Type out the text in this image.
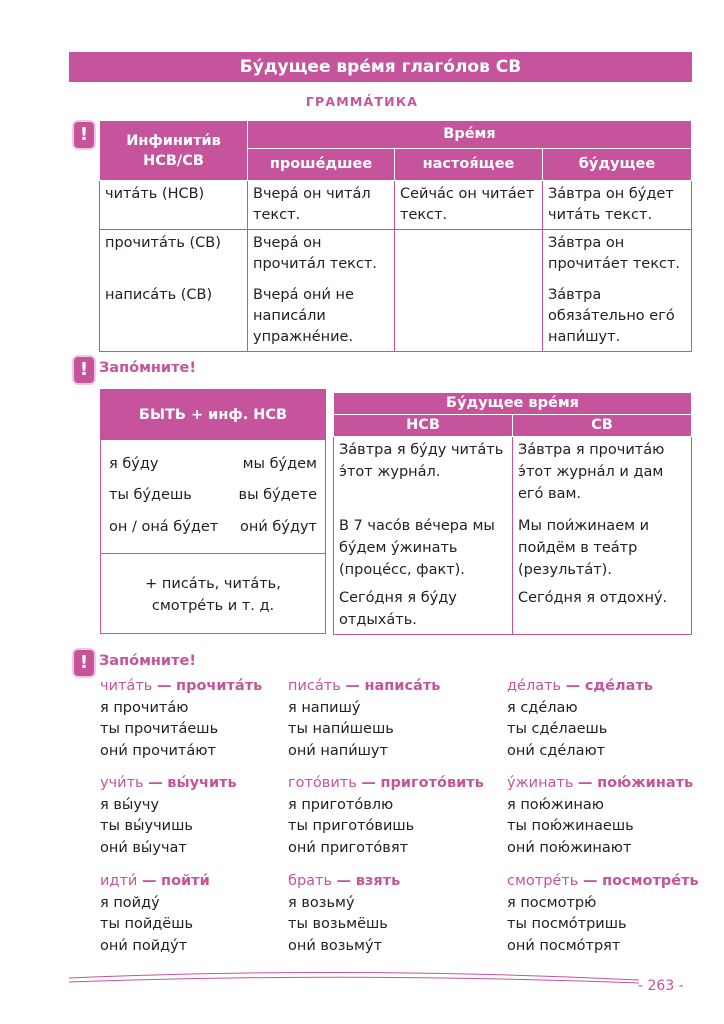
Бу́дущее вре́мя глаго́лов СВ
ГРАММА́ТИКА
!	Инфинити́в НСВ/СВ	Вре́мя		
	проше́дшее	настоя́щее	бу́дущее
чита́ть (НСВ)	Вчера́ он чита́л текст.	Сейча́с он чита́ет текст.	За́втра он бу́дет чита́ть текст.
прочита́ть (СВ)	Вчера́ он прочита́л текст.		За́втра он прочита́ет текст.
написа́ть (СВ)	Вчера́ они́ не написа́ли упражне́ние.		За́втра обяза́тельно его́ напи́шут.
! Запо́мните!
БЫТЬ + инф. НСВ
я бу́ду	мы бу́дем
ты бу́дешь	вы бу́дете
он / она́ бу́дет они́ бу́дут
+ писа́ть, чита́ть,
смотре́ть и т. д.
Бу́дущее вре́мя	
НСВ	СВ
За́втра я бу́ду чита́ть э́тот журна́л.	За́втра я прочита́ю э́тот журна́л и дам его́ вам.
В 7 часо́в ве́чера мы бу́дем у́жинать (проце́сс, факт).	Мы пои́жинаем и пойдём в теа́тр (результа́т).
Сего́дня я бу́ду отдыха́ть.	Сего́дня я отдохну́.
! Запо́мните!
чита́ть — прочита́ть
я прочита́ю
ты прочита́ешь
они́ прочита́ют
писа́ть — написа́ть
я напишу́
ты напи́шешь
они́ напи́шут
де́лать — сде́лать
я сде́лаю
ты сде́лаешь
они́ сде́лают
учи́ть — вы́учить
я вы́учу
ты вы́учишь
они́ вы́учат
гото́вить — пригото́вить
я пригото́влю
ты пригото́вишь
они́ пригото́вят
у́жинать — пою́жинать
я пою́жинаю
ты пою́жинаешь
они́ пою́жинают
идти́ — пойти́
я пойду́
ты пойдёшь
они́ пойду́т
брать — взять
я возьму́
ты возьмёшь
они́ возьму́т
смотре́ть — посмотре́ть
я посмотрю́
ты посмо́тришь
они́ посмо́трят
- 263 -
